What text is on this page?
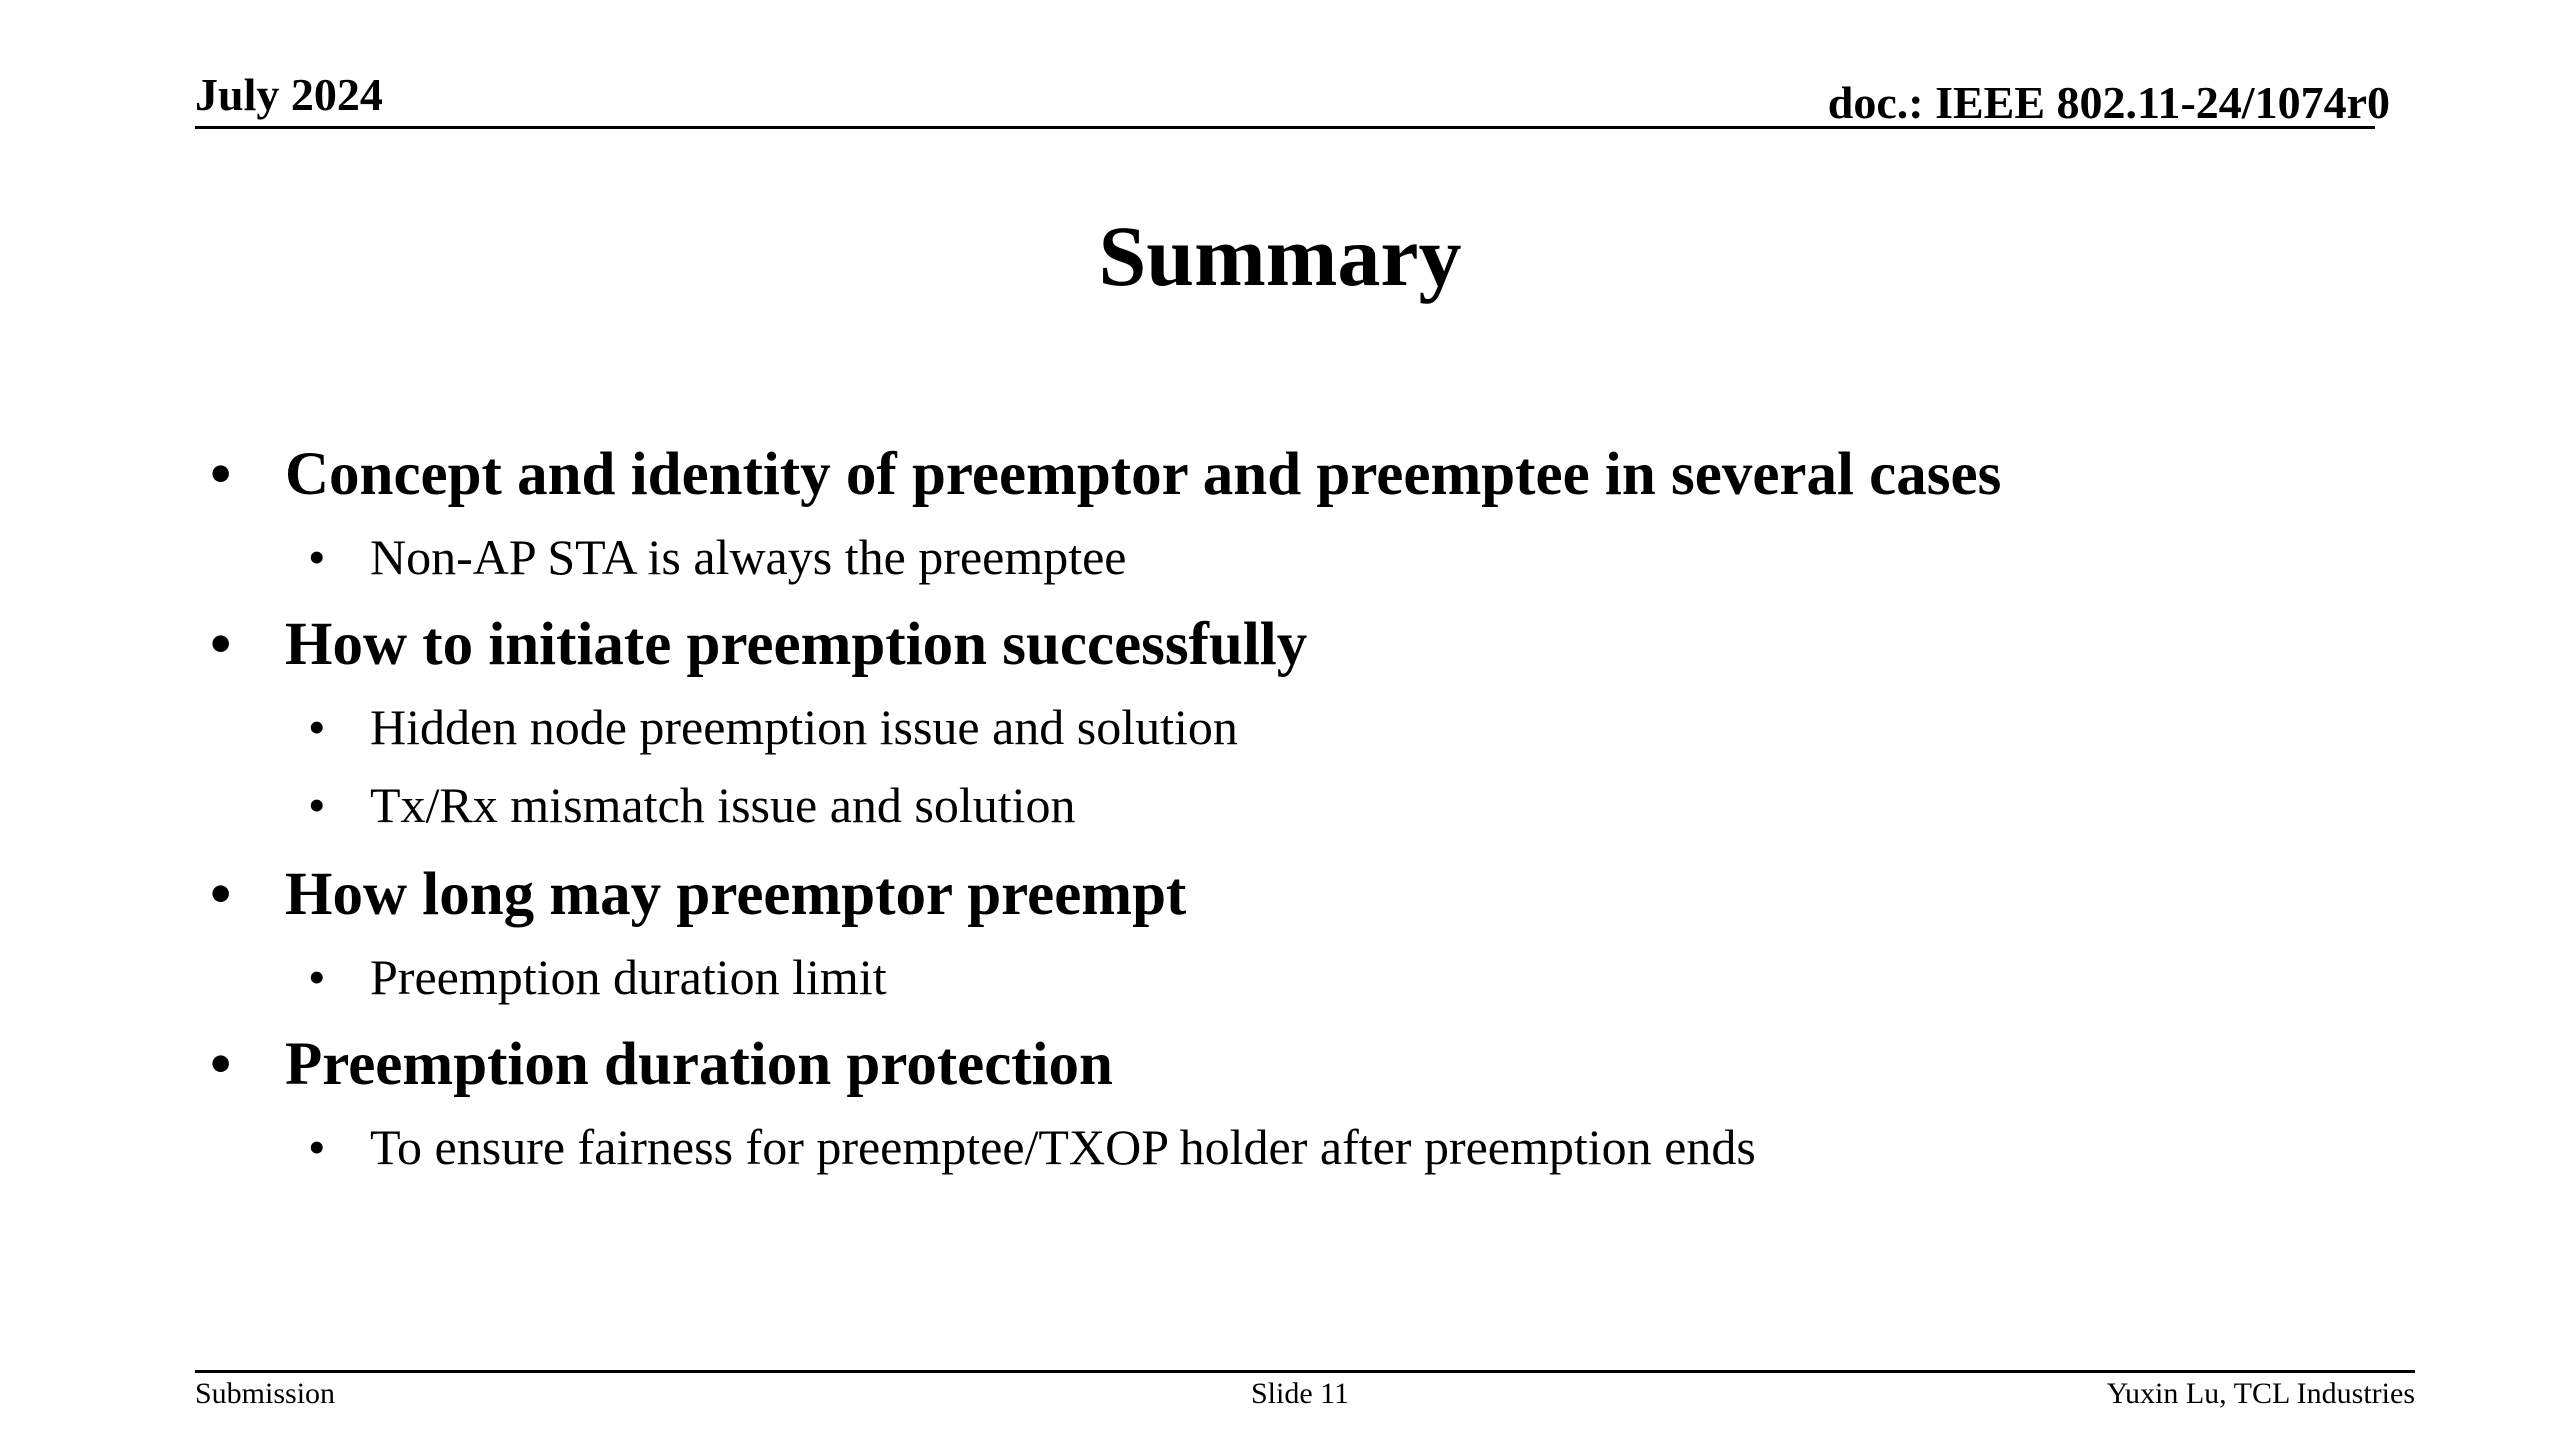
July 2024	doc.: IEEE 802.11-24/1074r0
Summary
• Concept and identity of preemptor and preemptee in several cases
• Non-AP STA is always the preemptee
• How to initiate preemption successfully
• Hidden node preemption issue and solution
• Tx/Rx mismatch issue and solution
• How long may preemptor preempt
• Preemption duration limit
• Preemption duration protection
• To ensure fairness for preemptee/TXOP holder after preemption ends
Submission	Slide 11	Yuxin Lu, TCL Industries
